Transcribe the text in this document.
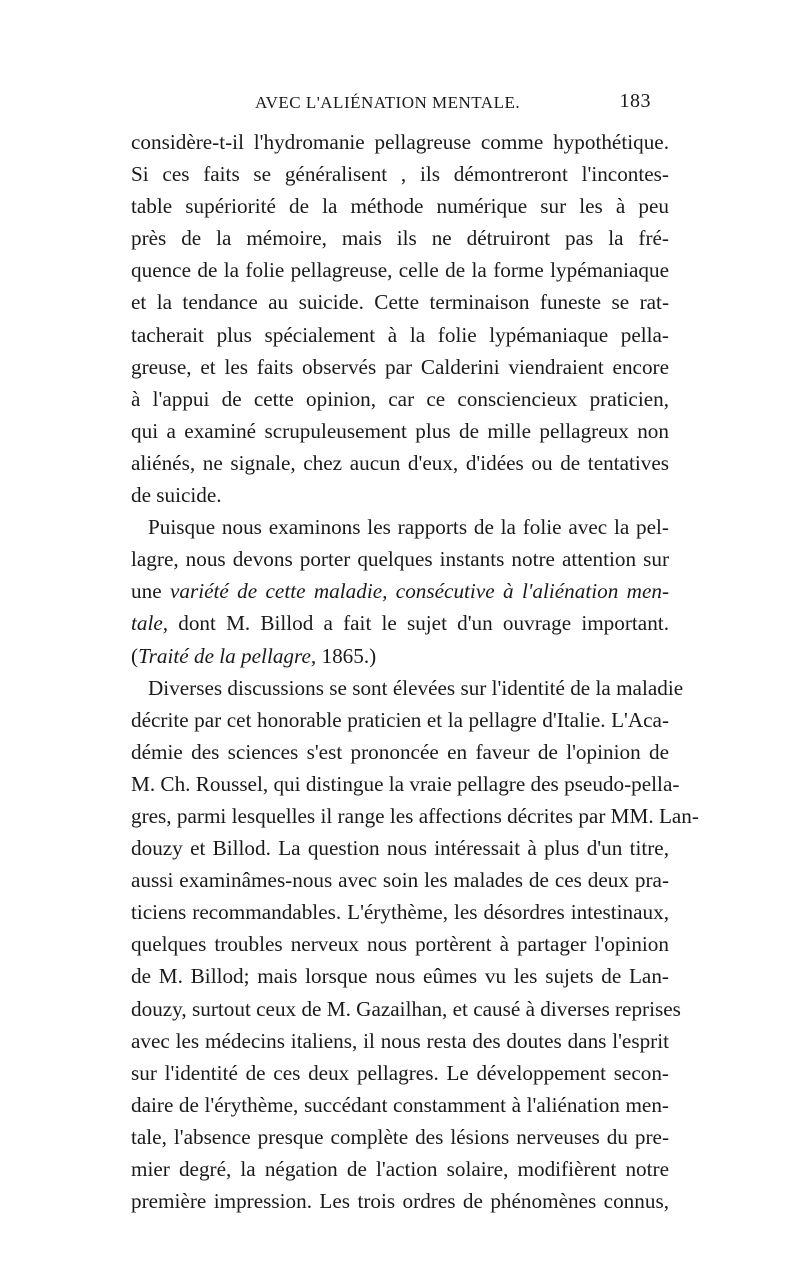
AVEC L'ALIÉNATION MENTALE.	183
considère-t-il l'hydromanie pellagreuse comme hypothétique.
Si ces faits se généralisent , ils démontreront l'incontes-
table supériorité de la méthode numérique sur les à peu
près de la mémoire, mais ils ne détruiront pas la fré-
quence de la folie pellagreuse, celle de la forme lypémaniaque
et la tendance au suicide. Cette terminaison funeste se rat-
tacherait plus spécialement à la folie lypémaniaque pella-
greuse, et les faits observés par Calderini viendraient encore
à l'appui de cette opinion, car ce consciencieux praticien,
qui a examiné scrupuleusement plus de mille pellagreux non
aliénés, ne signale, chez aucun d'eux, d'idées ou de tentatives
de suicide.
Puisque nous examinons les rapports de la folie avec la pel-
lagre, nous devons porter quelques instants notre attention sur
une variété de cette maladie, consécutive à l'aliénation men-
tale, dont M. Billod a fait le sujet d'un ouvrage important.
(Traité de la pellagre, 1865.)
Diverses discussions se sont élevées sur l'identité de la maladie
décrite par cet honorable praticien et la pellagre d'Italie. L'Aca-
démie des sciences s'est prononcée en faveur de l'opinion de
M. Ch. Roussel, qui distingue la vraie pellagre des pseudo-pella-
gres, parmi lesquelles il range les affections décrites par MM. Lan-
douzy et Billod. La question nous intéressait à plus d'un titre,
aussi examinâmes-nous avec soin les malades de ces deux pra-
ticiens recommandables. L'érythème, les désordres intestinaux,
quelques troubles nerveux nous portèrent à partager l'opinion
de M. Billod; mais lorsque nous eûmes vu les sujets de Lan-
douzy, surtout ceux de M. Gazailhan, et causé à diverses reprises
avec les médecins italiens, il nous resta des doutes dans l'esprit
sur l'identité de ces deux pellagres. Le développement secon-
daire de l'érythème, succédant constamment à l'aliénation men-
tale, l'absence presque complète des lésions nerveuses du pre-
mier degré, la négation de l'action solaire, modifièrent notre
première impression. Les trois ordres de phénomènes connus,
